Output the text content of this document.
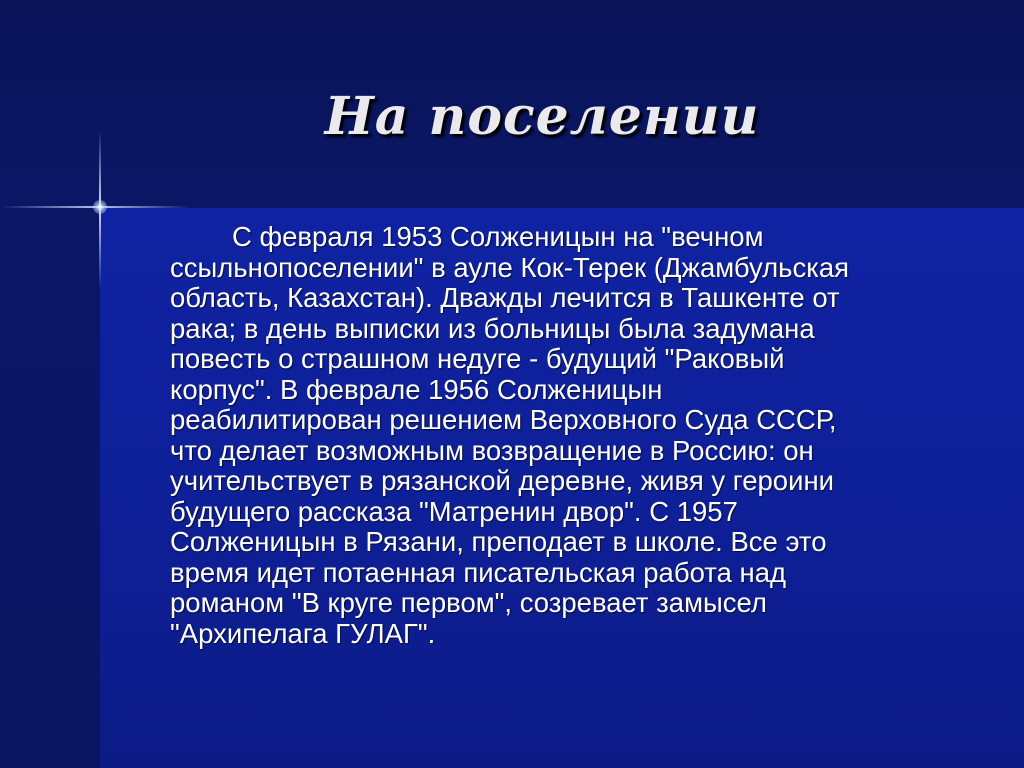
На поселении

С февраля 1953 Солженицын на "вечном
ссыльнопоселении" в ауле Кок-Терек (Джамбульская
область, Казахстан). Дважды лечится в Ташкенте от
рака; в день выписки из больницы была задумана
повесть о страшном недуге - будущий "Раковый
корпус". В феврале 1956 Солженицын
реабилитирован решением Верховного Суда СССР,
что делает возможным возвращение в Россию: он
учительствует в рязанской деревне, живя у героини
будущего рассказа "Матренин двор". С 1957
Солженицын в Рязани, преподает в школе. Все это
время идет потаенная писательская работа над
романом "В круге первом", созревает замысел
"Архипелага ГУЛАГ".
